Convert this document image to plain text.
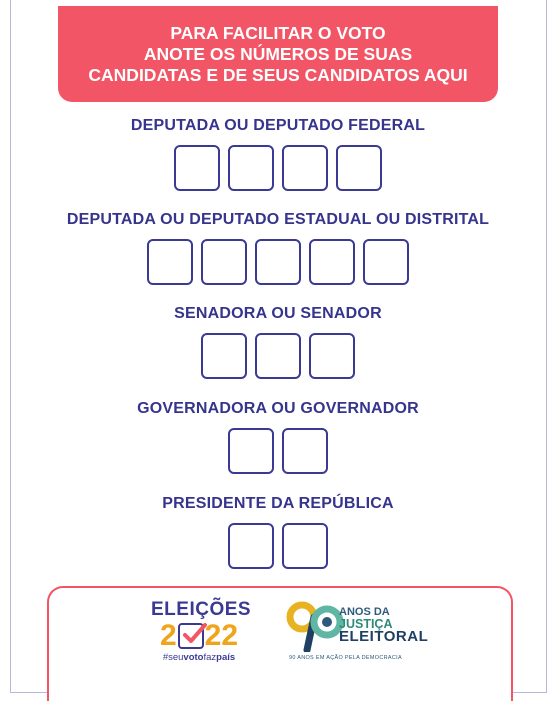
PARA FACILITAR O VOTO
ANOTE OS NÚMEROS DE SUAS
CANDIDATAS E DE SEUS CANDIDATOS AQUI
DEPUTADA OU DEPUTADO FEDERAL
DEPUTADA OU DEPUTADO ESTADUAL OU DISTRITAL
SENADORA OU SENADOR
GOVERNADORA OU GOVERNADOR
PRESIDENTE DA REPÚBLICA
ELEIÇÕES
2 22
#seuvotofazpaís
ANOS DA
JUSTIÇA
ELEITORAL
90 ANOS EM AÇÃO PELA DEMOCRACIA
